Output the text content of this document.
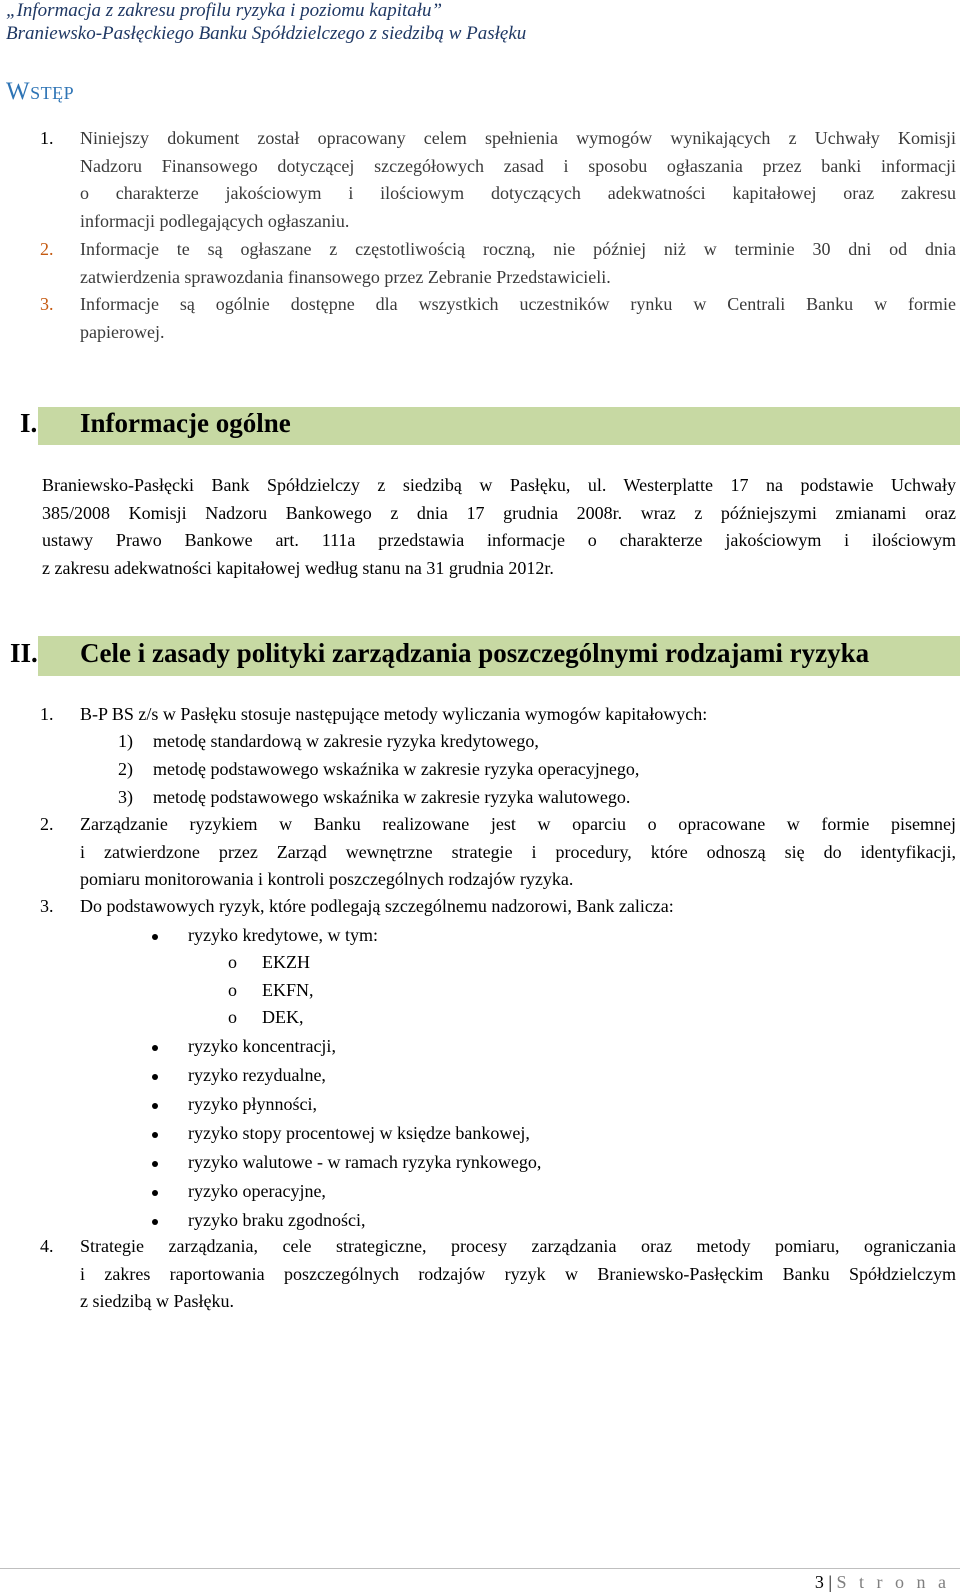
„Informacja z zakresu profilu ryzyka i poziomu kapitału”
Braniewsko-Pasłęckiego Banku Spółdzielczego z siedzibą w Pasłęku
Wstęp
1. Niniejszy dokument został opracowany celem spełnienia wymogów wynikających z Uchwały Komisji
Nadzoru Finansowego dotyczącej szczegółowych zasad i sposobu ogłaszania przez banki informacji
o charakterze jakościowym i ilościowym dotyczących adekwatności kapitałowej oraz zakresu
informacji podlegających ogłaszaniu.
2. Informacje te są ogłaszane z częstotliwością roczną, nie później niż w terminie 30 dni od dnia
zatwierdzenia sprawozdania finansowego przez Zebranie Przedstawicieli.
3. Informacje są ogólnie dostępne dla wszystkich uczestników rynku w Centrali Banku w formie
papierowej.
I. Informacje ogólne
Braniewsko-Pasłęcki Bank Spółdzielczy z siedzibą w Pasłęku, ul. Westerplatte 17 na podstawie Uchwały
385/2008 Komisji Nadzoru Bankowego z dnia 17 grudnia 2008r. wraz z późniejszymi zmianami oraz
ustawy Prawo Bankowe art. 111a przedstawia informacje o charakterze jakościowym i ilościowym
z zakresu adekwatności kapitałowej według stanu na 31 grudnia 2012r.
II. Cele i zasady polityki zarządzania poszczególnymi rodzajami ryzyka
1. B-P BS z/s w Pasłęku stosuje następujące metody wyliczania wymogów kapitałowych:
1) metodę standardową w zakresie ryzyka kredytowego,
2) metodę podstawowego wskaźnika w zakresie ryzyka operacyjnego,
3) metodę podstawowego wskaźnika w zakresie ryzyka walutowego.
2. Zarządzanie ryzykiem w Banku realizowane jest w oparciu o opracowane w formie pisemnej
i zatwierdzone przez Zarząd wewnętrzne strategie i procedury, które odnoszą się do identyfikacji,
pomiaru monitorowania i kontroli poszczególnych rodzajów ryzyka.
3. Do podstawowych ryzyk, które podlegają szczególnemu nadzorowi, Bank zalicza:
ryzyko kredytowe, w tym:
o EKZH
o EKFN,
o DEK,
ryzyko koncentracji,
ryzyko rezydualne,
ryzyko płynności,
ryzyko stopy procentowej w księdze bankowej,
ryzyko walutowe - w ramach ryzyka rynkowego,
ryzyko operacyjne,
ryzyko braku zgodności,
4. Strategie zarządzania, cele strategiczne, procesy zarządzania oraz metody pomiaru, ograniczania
i zakres raportowania poszczególnych rodzajów ryzyk w Braniewsko-Pasłęckim Banku Spółdzielczym
z siedzibą w Pasłęku.
3 | S t r o n a
